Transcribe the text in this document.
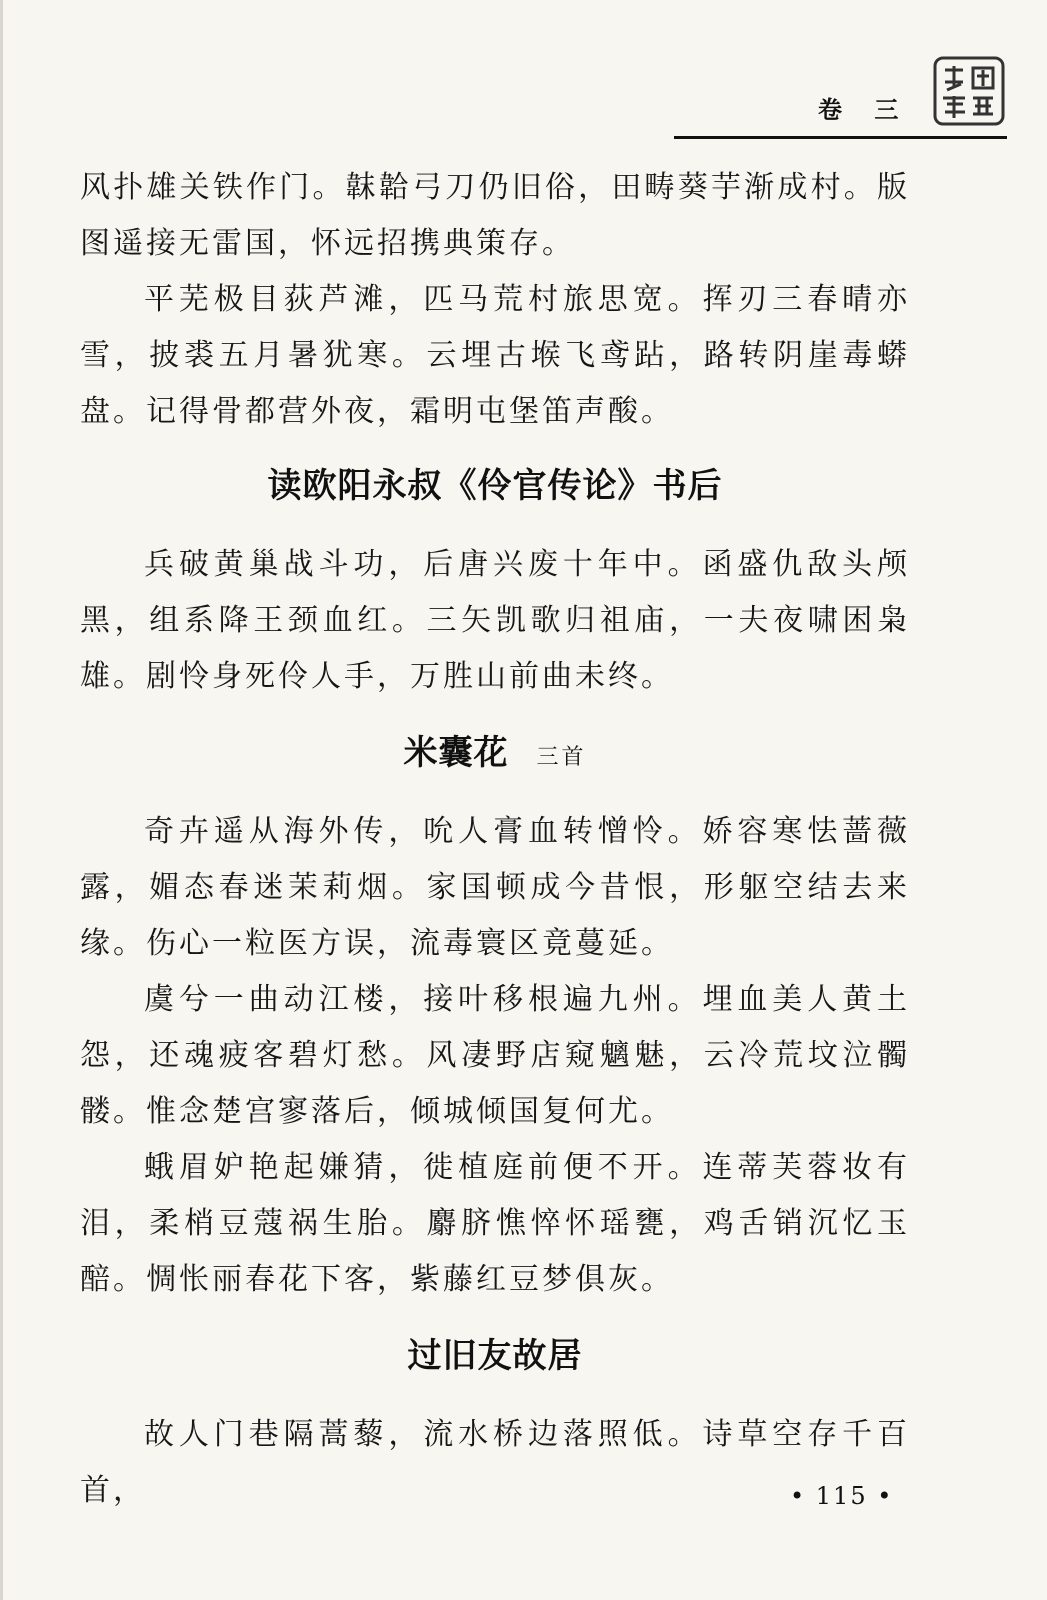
卷 三

风扑雄关铁作门。韎韐弓刀仍旧俗，田畴葵芋渐成村。版图遥接无雷国，怀远招携典策存。

平芜极目荻芦滩，匹马荒村旅思宽。挥刃三春晴亦雪，披裘五月暑犹寒。云埋古堠飞鸢跕，路转阴崖毒蟒盘。记得骨都营外夜，霜明屯堡笛声酸。

读欧阳永叔《伶官传论》书后

兵破黄巢战斗功，后唐兴废十年中。函盛仇敌头颅黑，组系降王颈血红。三矢凯歌归祖庙，一夫夜啸困枭雄。剧怜身死伶人手，万胜山前曲未终。

米囊花 三首

奇卉遥从海外传，吮人膏血转憎怜。娇容寒怯蔷薇露，媚态春迷茉莉烟。家国顿成今昔恨，形躯空结去来缘。伤心一粒医方误，流毒寰区竟蔓延。

虞兮一曲动江楼，接叶移根遍九州。埋血美人黄土怨，还魂疲客碧灯愁。风凄野店窥魑魅，云冷荒坟泣髑髅。惟念楚宫寥落后，倾城倾国复何尤。

蛾眉妒艳起嫌猜，徙植庭前便不开。连蒂芙蓉妆有泪，柔梢豆蔻祸生胎。麝脐憔悴怀瑶甕，鸡舌销沉忆玉醅。惆怅丽春花下客，紫藤红豆梦俱灰。

过旧友故居

故人门巷隔蒿藜，流水桥边落照低。诗草空存千百首，	• 115 •
